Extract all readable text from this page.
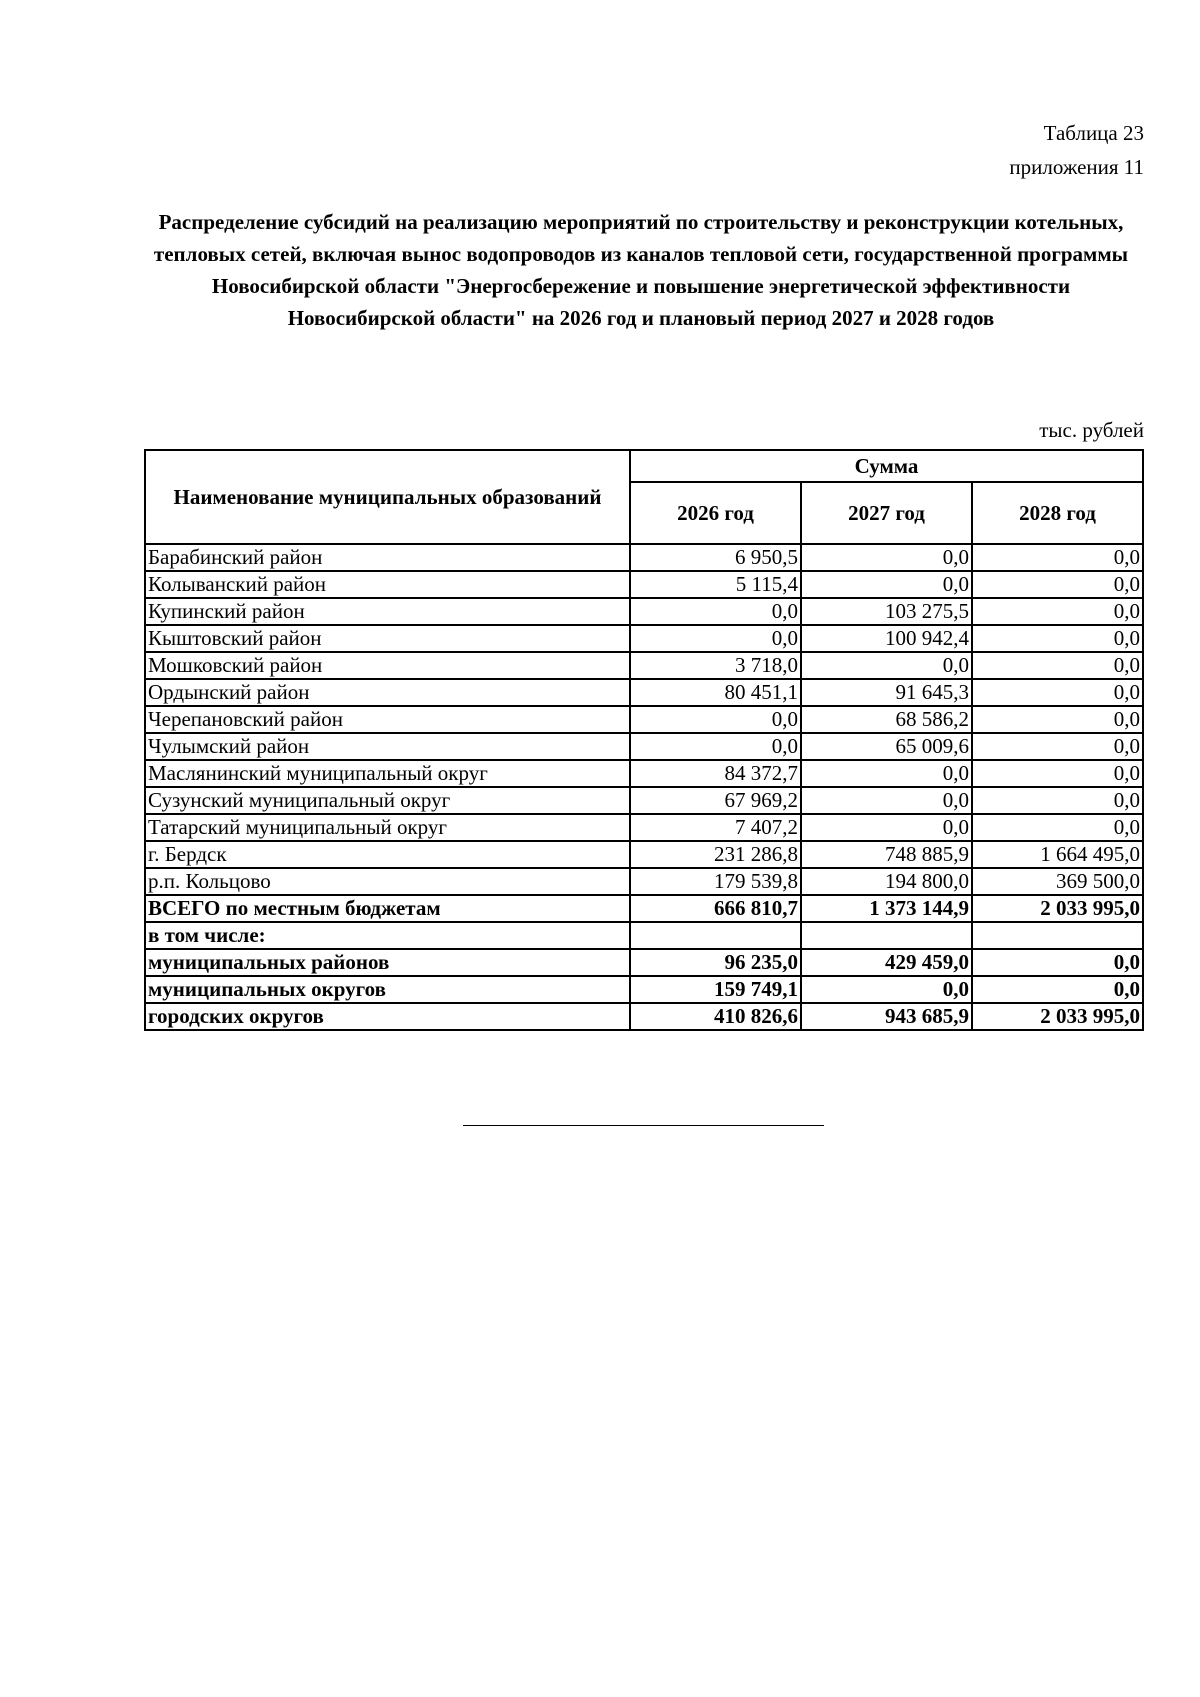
Таблица 23
приложения 11
Распределение субсидий на реализацию мероприятий по строительству и реконструкции котельных, тепловых сетей, включая вынос водопроводов из каналов тепловой сети, государственной программы Новосибирской области "Энергосбережение и повышение энергетической эффективности Новосибирской области" на 2026 год и плановый период 2027 и 2028 годов
тыс. рублей
Наименование муниципальных образований	Сумма		
	2026 год	2027 год	2028 год
Барабинский район	6 950,5	0,0	0,0
Колыванский район	5 115,4	0,0	0,0
Купинский район	0,0	103 275,5	0,0
Кыштовский район	0,0	100 942,4	0,0
Мошковский район	3 718,0	0,0	0,0
Ордынский район	80 451,1	91 645,3	0,0
Черепановский район	0,0	68 586,2	0,0
Чулымский район	0,0	65 009,6	0,0
Маслянинский муниципальный округ	84 372,7	0,0	0,0
Сузунский муниципальный округ	67 969,2	0,0	0,0
Татарский муниципальный округ	7 407,2	0,0	0,0
г. Бердск	231 286,8	748 885,9	1 664 495,0
р.п. Кольцово	179 539,8	194 800,0	369 500,0
ВСЕГО по местным бюджетам	666 810,7	1 373 144,9	2 033 995,0
в том числе:			
муниципальных районов	96 235,0	429 459,0	0,0
муниципальных округов	159 749,1	0,0	0,0
городских округов	410 826,6	943 685,9	2 033 995,0
